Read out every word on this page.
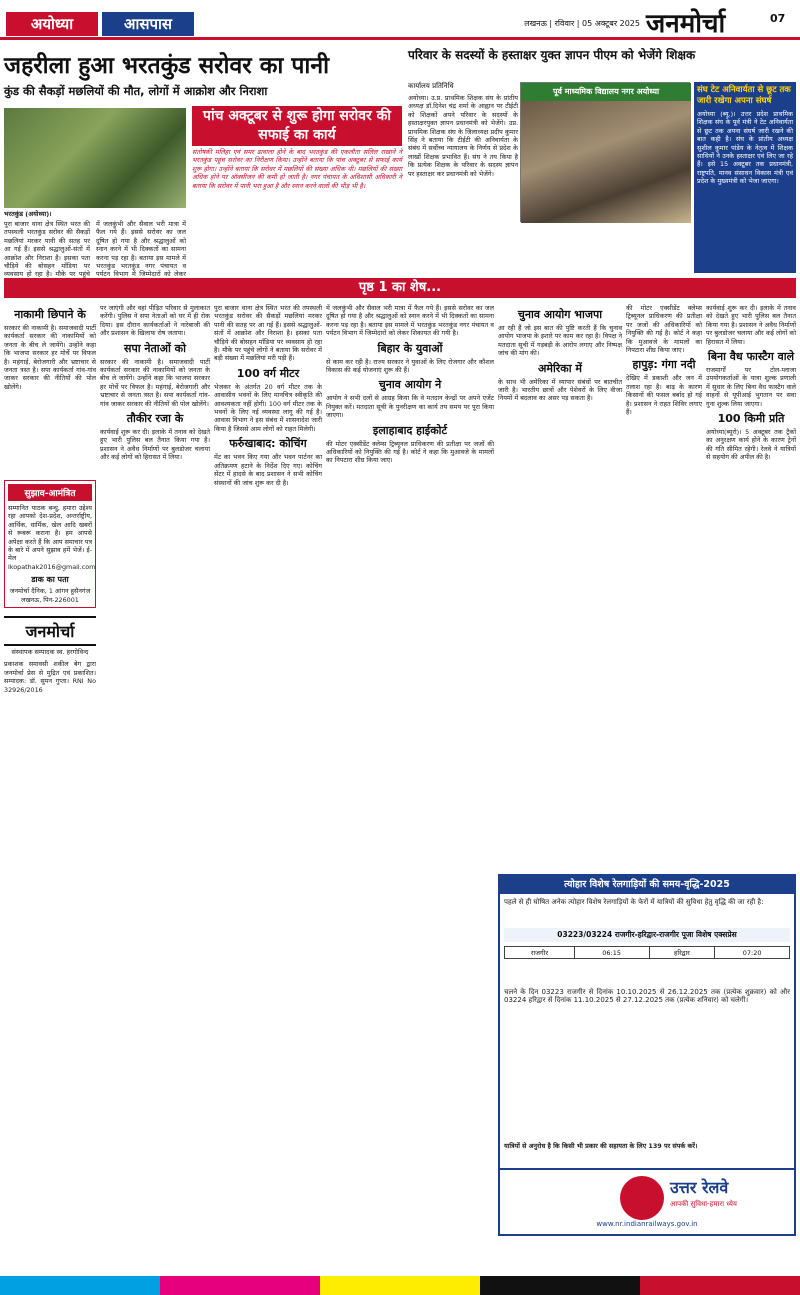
अयोध्या	आसपास	लखनऊ | रविवार | 05 अक्टूबर 2025 जनमोर्चा	07
जहरीला हुआ भरतकुंड सरोवर का पानी
कुंड की सैकड़ों मछलियों की मौत, लोगों में आक्रोश और निराशा
भरतकुंड (अयोध्या)।
पुरा बाजार थाना क्षेत्र स्थित भरत की तपस्थली भरतकुंड सरोवर की सैकड़ों मछलियां मरकर पानी की सतह पर आ गई हैं। इससे श्रद्धालुओं-संतों में आक्रोश और निराशा है। इसका पता चौड़िये की बोसहन माँडिया पर व्यवसाय हो रहा है। मौके पर पहुंचे
में जलकुंभी और सैवाल भरी मात्रा में फैल गये हैं। इससे सरोवर का जल दूषित हो गया है और श्रद्धालुओं को स्नान करने में भी दिक्कतों का सामना करना पड़ रहा है। बताया इस मामले में भरतकुंड भरतकुंड नगर पंचायत व पर्यटन विभाग में जिम्मेदारों को लेकर
पांच अक्टूबर से शुरू होगा सरोवर की सफाई का कार्य
संतोषकी मलिहा एवं समर ढावाला होने के बाद भरतकुंड की एकलौता सलिल राखाने ने भरतकुंड पहुंच सरोवर का निरीक्षण किया। उन्होंने बताया कि पांच अक्टूबर से सफाई कार्य शुरू होगा। उन्होंने बताया कि सरोवर में मछलियों की संख्या अधिक थी। मछलियों की संख्या अधिक होने पर ऑक्सीजन की कमी हो जाती है। नगर पंचायत के अधिशासी अधिकारी ने बताया कि सरोवर में पानी भरा हुआ है और स्नान करने वालों की भीड़ भी है।
परिवार के सदस्यों के हस्ताक्षर युक्त ज्ञापन पीएम को भेजेंगे शिक्षक
कार्यालय प्रतिनिधि
अयोध्या। उ.प्र. प्राथमिक शिक्षक संघ के प्रांतीय अध्यक्ष डॉ.दिनेश चंद्र शर्मा के आह्वान पर टीईटी को शिक्षकों अपने परिवार के सदस्यों के हस्ताक्षरयुक्त ज्ञापन प्रधानमंत्री को भेजेंगे। उप्र. प्राथमिक शिक्षक संघ के जिलाध्यक्ष प्रदीप कुमार सिंह ने बताया कि टीईटी की अनिवार्यता के संबंध में सर्वोच्च न्यायालय के निर्णय से प्रदेश के लाखों शिक्षक प्रभावित हैं। संघ ने तय किया है कि प्रत्येक शिक्षक के परिवार के सदस्य ज्ञापन पर हस्ताक्षर कर प्रधानमंत्री को भेजेंगे।
पूर्व माध्यमिक विद्यालय नगर अयोध्या	संघ टेट अनिवार्यता से छूट तक जारी रखेगा अपना संघर्ष
अयोध्या (ब्यू.)। उत्तर प्रदेश प्राथमिक शिक्षक संघ के पूर्व मंत्री ने टेट अनिवार्यता से छूट तक अपना संघर्ष जारी रखने की बात कही है। संघ के प्रांतीय अध्यक्ष सुशील कुमार पांडेय के नेतृत्व में शिक्षक साथियों ने उनके हस्ताक्षर एवं लिए जा रहे हैं। इसे 15 अक्टूबर तक प्रधानमंत्री, राष्ट्रपति, मानव संसाधन विकास मंत्री एवं प्रदेश के मुख्यमंत्री को भेजा जाएगा।
पृष्ठ 1 का शेष...
नाकामी छिपाने के
सरकार की नाकामी है। समाजवादी पार्टी कार्यकर्ता सरकार की नाकामियों को जनता के बीच ले जायेंगे। उन्होंने कहा कि भाजपा सरकार हर मोर्चे पर विफल है। महंगाई, बेरोजगारी और भ्रष्टाचार से जनता त्रस्त है। सपा कार्यकर्ता गांव-गांव जाकर सरकार की नीतियों की पोल खोलेंगे।
सुझाव-आमंत्रित
सम्मानित पाठक बन्धु, हमारा उद्देश्य रहा आपको देश-प्रदेश, अन्तर्राष्ट्रीय, आर्थिक, धार्मिक, खेल आदि खबरों से रूबरू कराना है। हम आपसे अपेक्षा करते हैं कि आप समाचार पत्र के बारे में अपने सुझाव हमें भेजें। ई-मेल lkopathak2016@gmail.com
डाक का पता
जनमोर्चा दैनिक, 1 आंगन हुसैनगंज लखनऊ, पिन-226001
जनमोर्चा
संस्थापक सम्पादक स्व. हरगोविन्द
प्रकाशक समावसी शकील बेग द्वारा जनमोर्चा प्रेस से मुद्रित एवं प्रकाशित। सम्पादक: डॉ. सुमन गुप्ता। RNI No 32926/2016
पर जाएंगी और वहां पीड़ित परिवार से मुलाकात करेंगी। पुलिस ने सपा नेताओं को घर में ही रोक दिया। इस दौरान कार्यकर्ताओं ने नारेबाजी की और प्रशासन के खिलाफ रोष जताया।
सपा नेताओं को
सरकार की नाकामी है। समाजवादी पार्टी कार्यकर्ता सरकार की नाकामियों को जनता के बीच ले जायेंगे। उन्होंने कहा कि भाजपा सरकार हर मोर्चे पर विफल है। महंगाई, बेरोजगारी और भ्रष्टाचार से जनता त्रस्त है। सपा कार्यकर्ता गांव-गांव जाकर सरकार की नीतियों की पोल खोलेंगे।
तौकीर रजा के
कार्यवाई शुरू कर दी। इलाके में तनाव को देखते हुए भारी पुलिस बल तैनात किया गया है। प्रशासन ने अवैध निर्माणों पर बुलडोजर चलाया और कई लोगों को हिरासत में लिया।
पुरा बाजार थाना क्षेत्र स्थित भरत की तपस्थली भरतकुंड सरोवर की सैकड़ों मछलियां मरकर पानी की सतह पर आ गई हैं। इससे श्रद्धालुओं-संतों में आक्रोश और निराशा है। इसका पता चौड़िये की बोसहन माँडिया पर व्यवसाय हो रहा है। मौके पर पहुंचे लोगों ने बताया कि सरोवर में बड़ी संख्या में मछलियां मरी पड़ी हैं।
100 वर्ग मीटर
भेजकर के अंतर्गत 20 वर्ग मीटर तक के आवासीय भवनों के लिए मानचित्र स्वीकृति की आवश्यकता नहीं होगी। 100 वर्ग मीटर तक के भवनों के लिए नई व्यवस्था लागू की गई है। आवास विभाग ने इस संबंध में शासनादेश जारी किया है जिससे आम लोगों को राहत मिलेगी।
फर्रुखाबाद: कोचिंग
मेंट का भवन किए गया और भवन पार्टनर का अतिक्रमण हटाने के निर्देश दिए गए। कोचिंग सेंटर में हादसे के बाद प्रशासन ने सभी कोचिंग संस्थानों की जांच शुरू कर दी है।
में जलकुंभी और सैवाल भरी मात्रा में फैल गये हैं। इससे सरोवर का जल दूषित हो गया है और श्रद्धालुओं को स्नान करने में भी दिक्कतों का सामना करना पड़ रहा है। बताया इस मामले में भरतकुंड भरतकुंड नगर पंचायत व पर्यटन विभाग में जिम्मेदारों को लेकर शिकायत की गयी है।
बिहार के युवाओं
से काम कर रही है। राज्य सरकार ने युवाओं के लिए रोजगार और कौशल विकास की कई योजनाएं शुरू की हैं।
चुनाव आयोग ने
आयोग ने सभी दलों से आग्रह किया कि वे मतदान केन्द्रों पर अपने एजेंट नियुक्त करें। मतदाता सूची के पुनरीक्षण का कार्य तय समय पर पूरा किया जाएगा।
इलाहाबाद हाईकोर्ट
की मोटर एक्सीडेंट क्लेम्स ट्रिब्यूनल प्राधिकरण की प्रतीक्षा पर जजों की अधिकारियों को नियुक्ति की गई है। कोर्ट ने कहा कि मुआवजे के मामलों का निपटारा शीघ्र किया जाए।
चुनाव आयोग भाजपा
आ रही हैं जो इस बात की पुष्टि करती हैं कि चुनाव आयोग भाजपा के इशारे पर काम कर रहा है। विपक्ष ने मतदाता सूची में गड़बड़ी के आरोप लगाए और निष्पक्ष जांच की मांग की।
अमेरिका में
के साथ भी अमेरिका में व्यापार संबंधों पर बातचीत जारी है। भारतीय छात्रों और पेशेवरों के लिए वीजा नियमों में बदलाव का असर पड़ सकता है।
की मोटर एक्सीडेंट क्लेम्स ट्रिब्यूनल प्राधिकरण की प्रतीक्षा पर जजों की अधिकारियों को नियुक्ति की गई है। कोर्ट ने कहा कि मुआवजे के मामलों का निपटारा शीघ्र किया जाए।
हापुड़: गंगा नदी
देखिए में डकाशी और जन में तलाश रहा है। बाढ़ के कारण किसानों की फसल बर्बाद हो गई है। प्रशासन ने राहत शिविर लगाए हैं।
कार्यवाई शुरू कर दी। इलाके में तनाव को देखते हुए भारी पुलिस बल तैनात किया गया है। प्रशासन ने अवैध निर्माणों पर बुलडोजर चलाया और कई लोगों को हिरासत में लिया।
बिना वैध फास्टैग वाले
राजमार्गों पर टोल-प्लाजा उपयोगकर्ताओं के यात्रा शुल्क प्रणाली में सुधार के लिए बिना वैध फास्टैग वाले वाहनों से यूपीआई भुगतान पर सवा गुना शुल्क लिया जाएगा।
100 किमी प्रति
अयोध्या(ब्यूरो)। 5 अक्टूबर तक ट्रैकों का अनुरक्षण कार्य होने के कारण ट्रेनों की गति सीमित रहेगी। रेलवे ने यात्रियों से सहयोग की अपील की है।
त्योहार विशेष रेलगाड़ियों की समय-वृद्धि-2025
पहले से ही घोषित अनेक त्योहार विशेष रेलगाड़ियों के फेरों में यात्रियों की सुविधा हेतु वृद्धि की जा रही है:
03223/03224 राजगीर-हरिद्वार-राजगीर पूजा विशेष एक्सप्रेस
राजगीर	06:15	हरिद्वार	07:20
चलने के दिन 03223 राजगीर से दिनांक 10.10.2025 से 26.12.2025 तक (प्रत्येक शुक्रवार) को और 03224 हरिद्वार से दिनांक 11.10.2025 से 27.12.2025 तक (प्रत्येक शनिवार) को चलेगी।
यात्रियों से अनुरोध है कि किसी भी प्रकार की सहायता के लिए 139 पर संपर्क करें।
उत्तर रेलवे
आपकी सुविधा-हमारा ध्येय
www.nr.indianrailways.gov.in
